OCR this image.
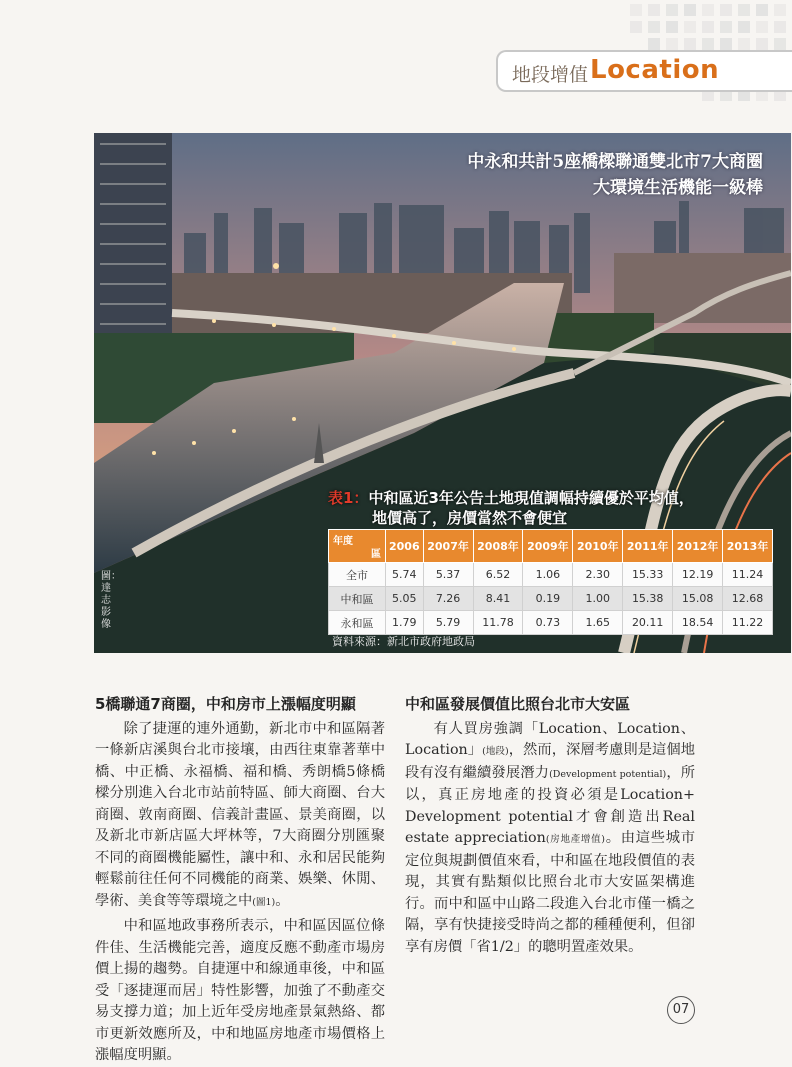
地段增值 Location
中永和共計5座橋樑聯通雙北市7大商圈
大環境生活機能一級棒
圖：達志影像
表1：中和區近3年公告土地現值調幅持續優於平均值，
地價高了，房價當然不會便宜
年度
區	2006	2007年	2008年	2009年	2010年	2011年	2012年	2013年
全市	5.74	5.37	6.52	1.06	2.30	15.33	12.19	11.24
中和區	5.05	7.26	8.41	0.19	1.00	15.38	15.08	12.68
永和區	1.79	5.79	11.78	0.73	1.65	20.11	18.54	11.22
資料來源：新北市政府地政局

5橋聯通7商圈，中和房市上漲幅度明顯

除了捷運的連外通勤，新北市中和區隔著一條新店溪與台北市接壤，由西往東靠著華中橋、中正橋、永福橋、福和橋、秀朗橋5條橋樑分別進入台北市站前特區、師大商圈、台大商圈、敦南商圈、信義計畫區、景美商圈，以及新北市新店區大坪林等，7大商圈分別匯聚不同的商圈機能屬性，讓中和、永和居民能夠輕鬆前往任何不同機能的商業、娛樂、休閒、學術、美食等等環境之中(圖1)。

中和區地政事務所表示，中和區因區位條件佳、生活機能完善，適度反應不動產市場房價上揚的趨勢。自捷運中和線通車後，中和區受「逐捷運而居」特性影響，加強了不動產交易支撐力道；加上近年受房地產景氣熱絡、都市更新效應所及，中和地區房地產市場價格上漲幅度明顯。

中和區發展價值比照台北市大安區

有人買房強調「Location、Location、Location」(地段)，然而，深層考慮則是這個地段有沒有繼續發展潛力(Development potential)，所以，真正房地產的投資必須是Location+ Development potential才會創造出Real estate appreciation(房地產增值)。由這些城市定位與規劃價值來看，中和區在地段價值的表現，其實有點類似比照台北市大安區架構進行。而中和區中山路二段進入台北市僅一橋之隔，享有快捷接受時尚之都的種種便利，但卻享有房價「省1/2」的聰明置產效果。

07
